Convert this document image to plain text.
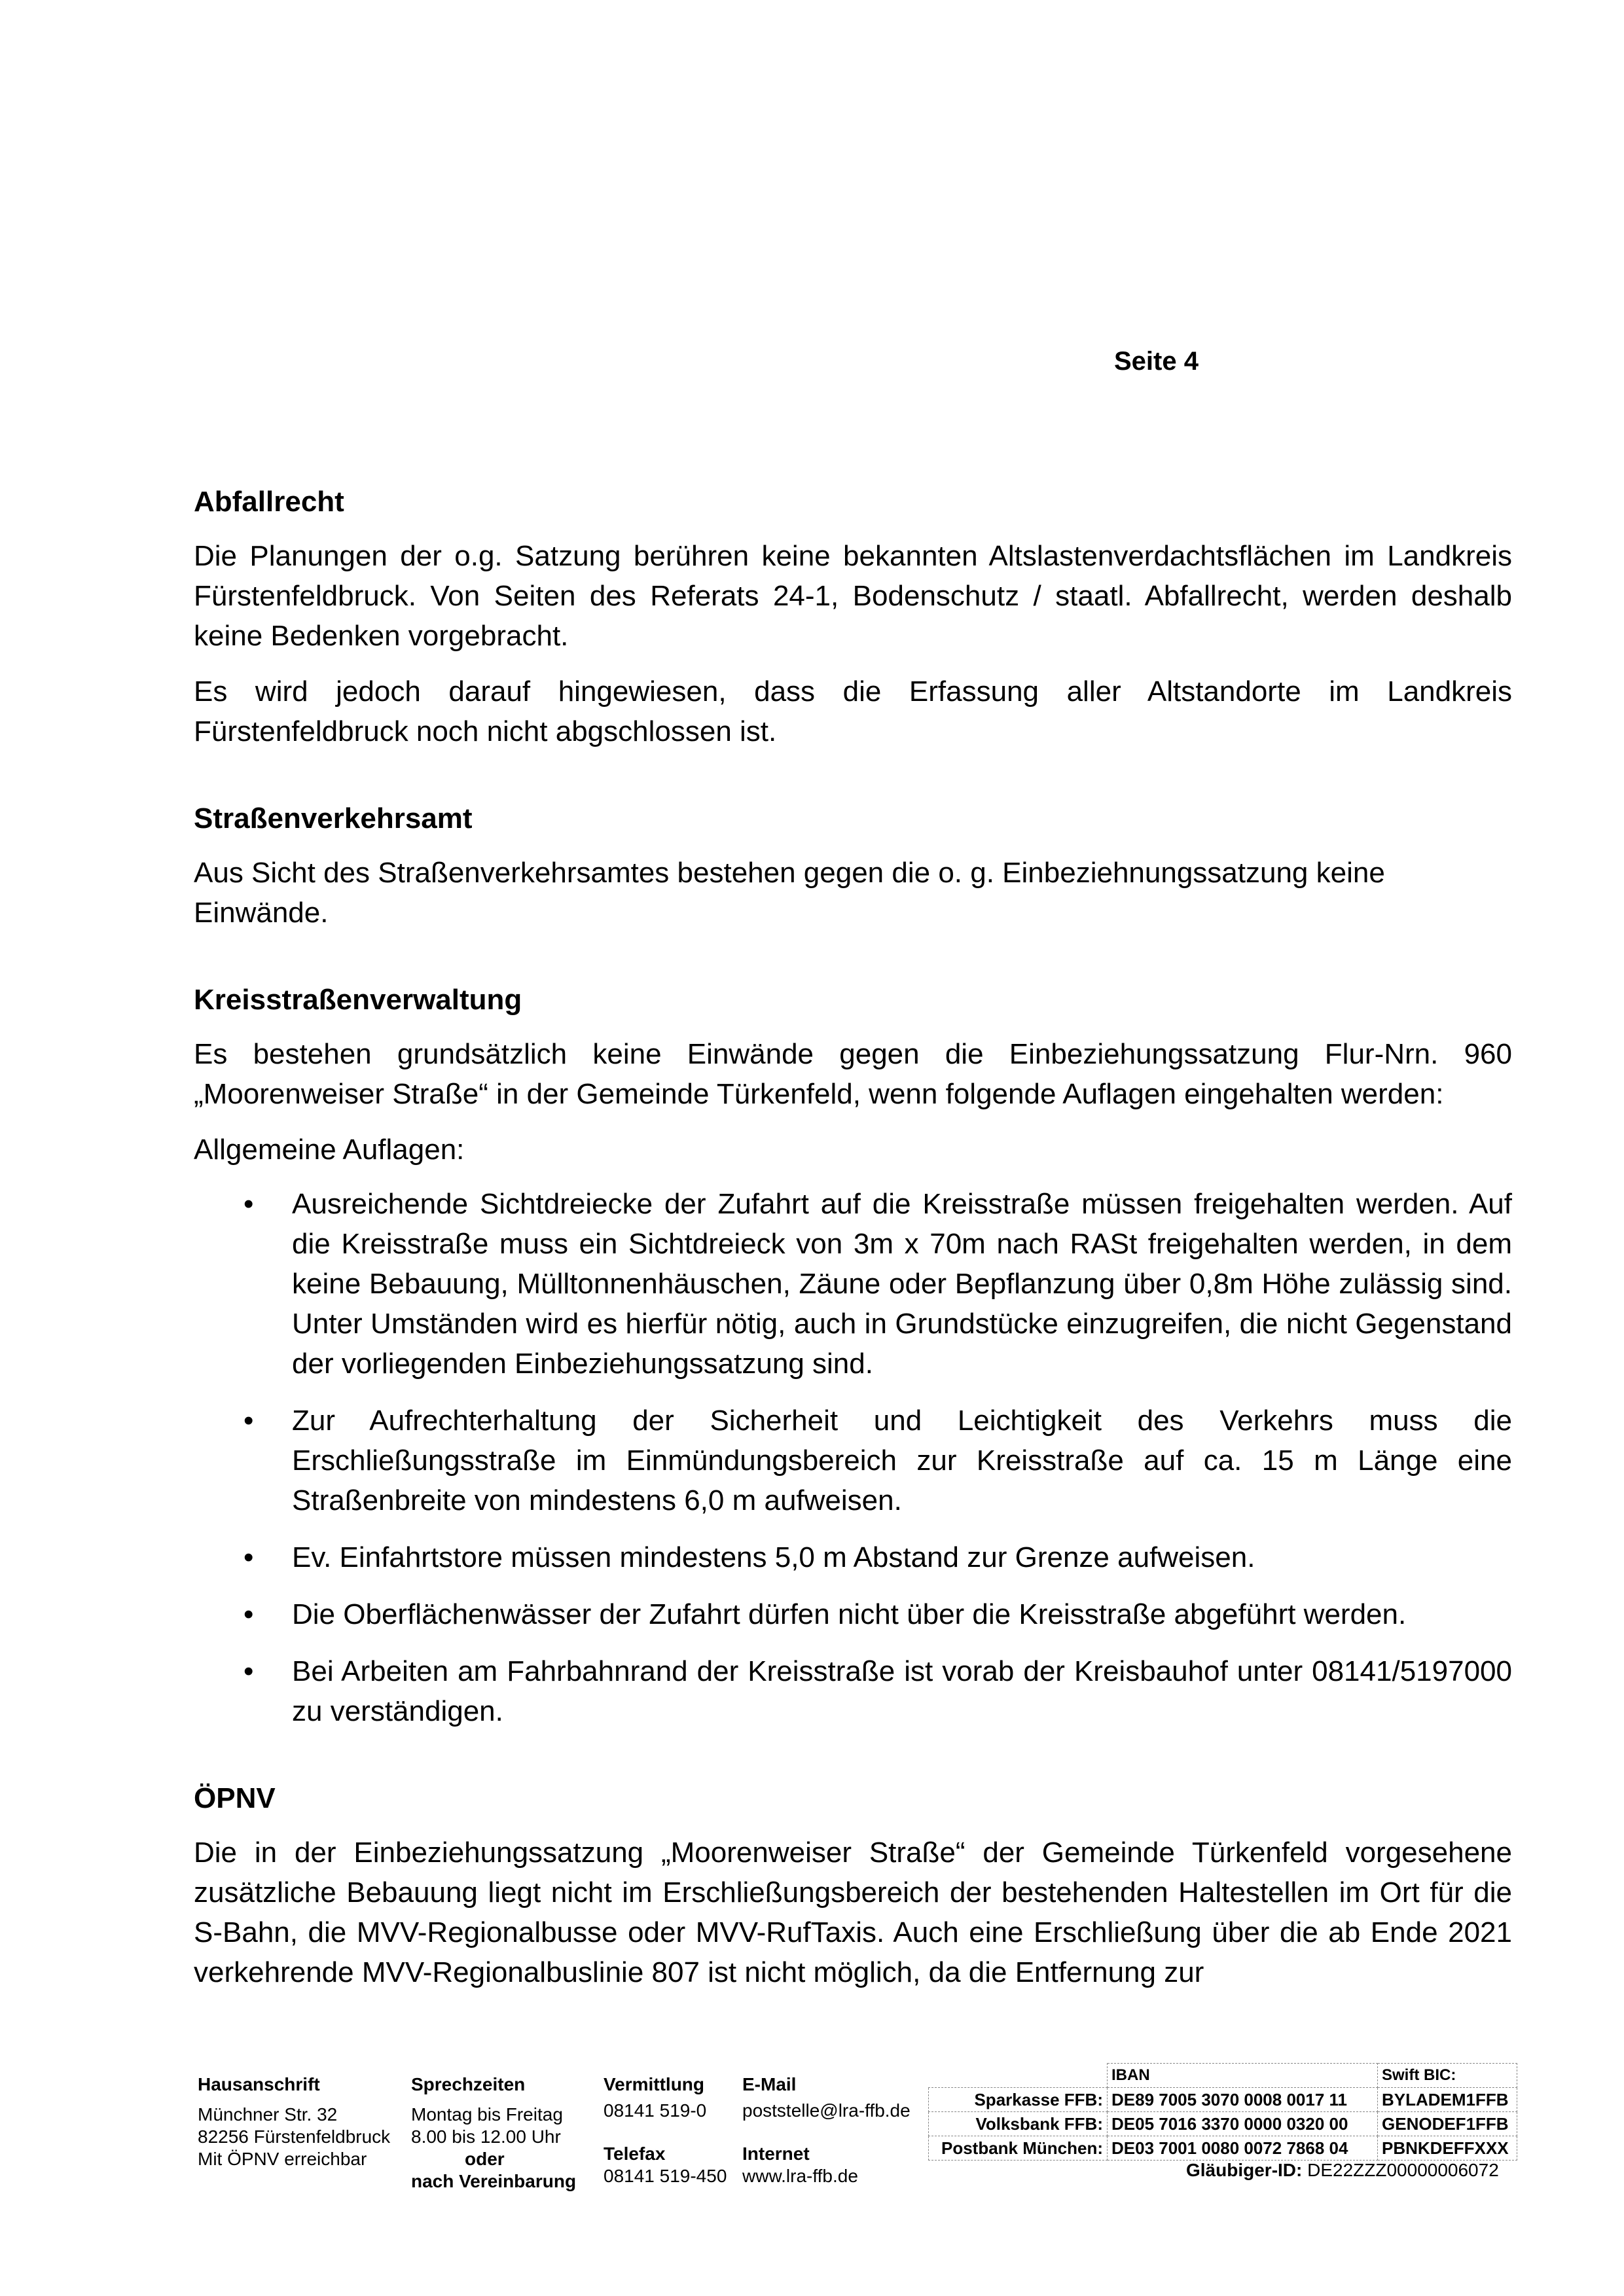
Seite 4

Abfallrecht

Die Planungen der o.g. Satzung berühren keine bekannten Altslastenverdachtsflächen im Landkreis Fürstenfeldbruck. Von Seiten des Referats 24-1, Bodenschutz / staatl. Abfallrecht, werden deshalb keine Bedenken vorgebracht.

Es wird jedoch darauf hingewiesen, dass die Erfassung aller Altstandorte im Landkreis Fürstenfeldbruck noch nicht abgschlossen ist.

Straßenverkehrsamt

Aus Sicht des Straßenverkehrsamtes bestehen gegen die o. g. Einbeziehnungssatzung keine Einwände.

Kreisstraßenverwaltung

Es bestehen grundsätzlich keine Einwände gegen die Einbeziehungssatzung Flur-Nrn. 960 „Moorenweiser Straße“ in der Gemeinde Türkenfeld, wenn folgende Auflagen eingehalten werden:

Allgemeine Auflagen:

• Ausreichende Sichtdreiecke der Zufahrt auf die Kreisstraße müssen freigehalten werden. Auf die Kreisstraße muss ein Sichtdreieck von 3m x 70m nach RASt freigehalten werden, in dem keine Bebauung, Mülltonnenhäuschen, Zäune oder Bepflanzung über 0,8m Höhe zulässig sind. Unter Umständen wird es hierfür nötig, auch in Grundstücke einzugreifen, die nicht Gegenstand der vorliegenden Einbeziehungssatzung sind.
• Zur Aufrechterhaltung der Sicherheit und Leichtigkeit des Verkehrs muss die Erschließungsstraße im Einmündungsbereich zur Kreisstraße auf ca. 15 m Länge eine Straßenbreite von mindestens 6,0 m aufweisen.
• Ev. Einfahrtstore müssen mindestens 5,0 m Abstand zur Grenze aufweisen.
• Die Oberflächenwässer der Zufahrt dürfen nicht über die Kreisstraße abgeführt werden.
• Bei Arbeiten am Fahrbahnrand der Kreisstraße ist vorab der Kreisbauhof unter 08141/5197000 zu verständigen.

ÖPNV

Die in der Einbeziehungssatzung „Moorenweiser Straße“ der Gemeinde Türkenfeld vorgesehene zusätzliche Bebauung liegt nicht im Erschließungsbereich der bestehenden Haltestellen im Ort für die S-Bahn, die MVV-Regionalbusse oder MVV-RufTaxis. Auch eine Erschließung über die ab Ende 2021 verkehrende MVV-Regionalbuslinie 807 ist nicht möglich, da die Entfernung zur

Hausanschrift
Münchner Str. 32
82256 Fürstenfeldbruck
Mit ÖPNV erreichbar
Sprechzeiten
Montag bis Freitag
8.00 bis 12.00 Uhr
oder
nach Vereinbarung
Vermittlung
08141 519-0
Telefax
08141 519-450
E-Mail
poststelle@lra-ffb.de
Internet
www.lra-ffb.de
	IBAN	Swift BIC:
Sparkasse FFB:	DE89 7005 3070 0008 0017 11	BYLADEM1FFB
Volksbank FFB:	DE05 7016 3370 0000 0320 00	GENODEF1FFB
Postbank München:	DE03 7001 0080 0072 7868 04	PBNKDEFFXXX
Gläubiger-ID: DE22ZZZ00000006072
